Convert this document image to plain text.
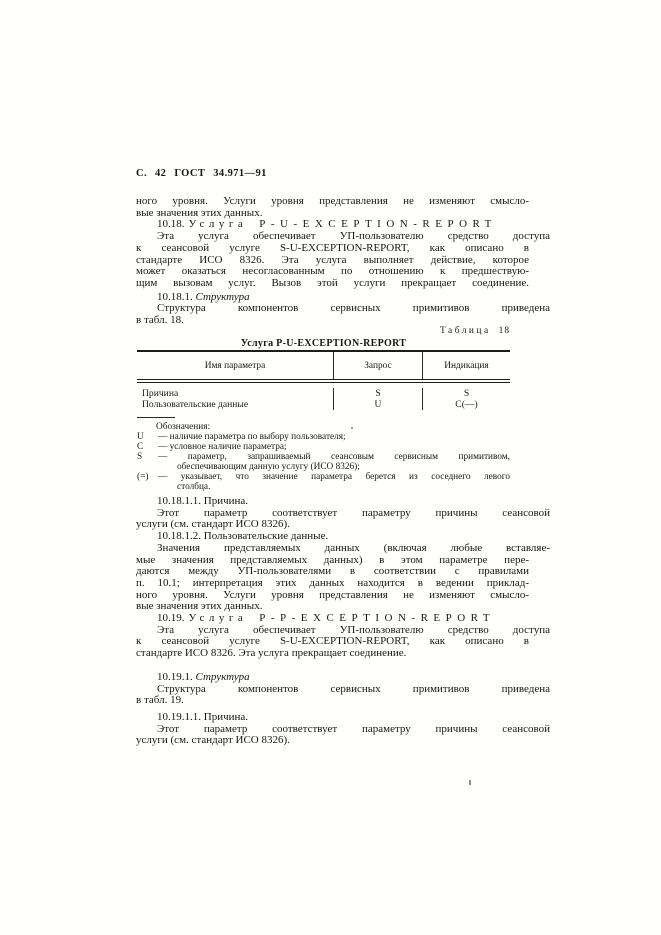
С. 42 ГОСТ 34.971—91
ного уровня. Услуги уровня представления не изменяют смысло-
вые значения этих данных.
10.18. Услуга P-U-EXCEPTION-REPORT
Эта услуга обеспечивает УП-пользователю средство доступа
к сеансовой услуге S-U-EXCEPTION-REPORT, как описано в
стандарте ИСО 8326. Эта услуга выполняет действие, которое
может оказаться несогласованным по отношению к предшествую-
щим вызовам услуг. Вызов этой услуги прекращает соединение.
10.18.1. Структура
Структура компонентов сервисных примитивов приведена
в табл. 18.
10.18.1.1. Причина.
Этот параметр соответствует параметру причины сеансовой
услуги (см. стандарт ИСО 8326).
10.18.1.2. Пользовательские данные.
Значения представляемых данных (включая любые вставляе-
мые значения представляемых данных) в этом параметре пере-
даются между УП-пользователями в соответствии с правилами
п. 10.1; интерпретация этих данных находится в ведении приклад-
ного уровня. Услуги уровня представления не изменяют смысло-
вые значения этих данных.
10.19. Услуга P-P-EXCEPTION-REPORT
Эта услуга обеспечивает УП-пользователю средство доступа
к сеансовой услуге S-U-EXCEPTION-REPORT, как описано в
стандарте ИСО 8326. Эта услуга прекращает соединение.
10.19.1. Структура
Структура компонентов сервисных примитивов приведена
в табл. 19.
10.19.1.1. Причина.
Этот параметр соответствует параметру причины сеансовой
услуги (см. стандарт ИСО 8326).
Таблица 18
Услуга P-U-EXCEPTION-REPORT
Имя параметра	Запрос	Индикация
Причина	S	S
Пользовательские данные	U	C(—)
Обозначения:
U	— наличие параметра по выбору пользователя;
C	— условное наличие параметра;
S	— параметр, запрашиваемый сеансовым сервисным примитивом,
обеспечивающим данную услугу (ИСО 8326);
(=)	— указывает, что значение параметра берется из соседнего левого
столбца.
